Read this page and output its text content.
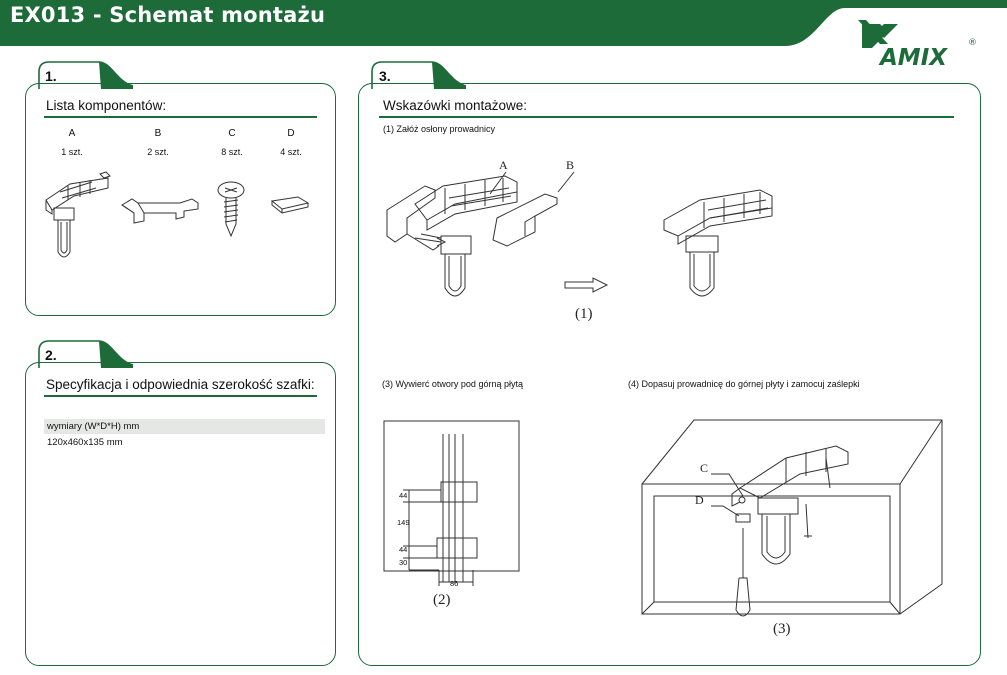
EX013 - Schemat montażu
AMIX
®
1.
Lista komponentów:
A	B	C	D
1 szt.	2 szt.	8 szt.	4 szt.
2.
Specyfikacja i odpowiednia szerokość szafki:
wymiary (W*D*H) mm
120x460x135 mm
3.
Wskazówki montażowe:
(1) Załóż osłony prowadnicy
A	B
(1)
(3) Wywierć otwory pod górną płytą
44
149
44
30
86
(2)
(4) Dopasuj prowadnicę do górnej płyty i zamocuj zaślepki
C
D
(3)
